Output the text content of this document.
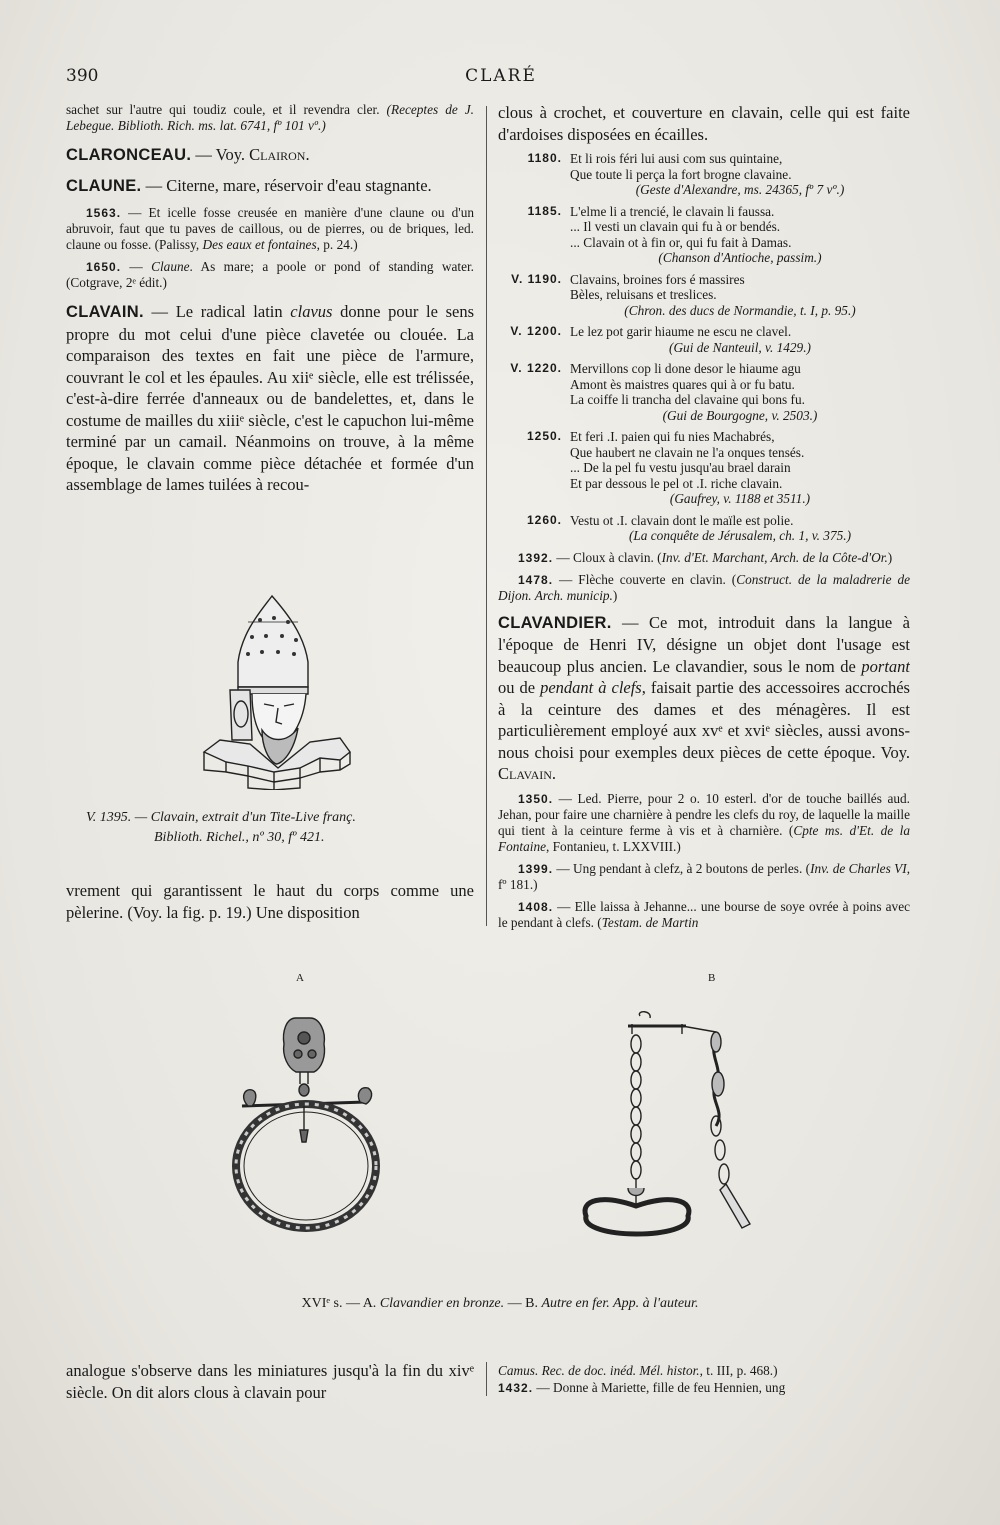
390	CLARÉ

sachet sur l'autre qui toudiz coule, et il revendra cler. (Receptes de J. Lebegue. Biblioth. Rich. ms. lat. 6741, fº 101 vº.)

CLARONCEAU. — Voy. Clairon.

CLAUNE. — Citerne, mare, réservoir d'eau stagnante.

1563. — Et icelle fosse creusée en manière d'une claune ou d'un abruvoir, faut que tu paves de caillous, ou de pierres, ou de briques, led. claune ou fosse. (Palissy, Des eaux et fontaines, p. 24.)

1650. — Claune. As mare; a poole or pond of standing water. (Cotgrave, 2ᵉ édit.)

CLAVAIN. — Le radical latin clavus donne pour le sens propre du mot celui d'une pièce clavetée ou clouée. La comparaison des textes en fait une pièce de l'armure, couvrant le col et les épaules. Au xiiᵉ siècle, elle est trélissée, c'est-à-dire ferrée d'anneaux ou de bandelettes, et, dans le costume de mailles du xiiiᵉ siècle, c'est le capuchon lui-même terminé par un camail. Néanmoins on trouve, à la même époque, le clavain comme pièce détachée et formée d'un assemblage de lames tuilées à recou-

V. 1395. — Clavain, extrait d'un Tite-Live franç.
Biblioth. Richel., nº 30, fº 421.
vrement qui garantissent le haut du corps comme une pèlerine. (Voy. la fig. p. 19.) Une disposition

clous à crochet, et couverture en clavain, celle qui est faite d'ardoises disposées en écailles.

1180. Et li rois féri lui ausi com sus quintaine,
Que toute li perça la fort brogne clavaine.
(Geste d'Alexandre, ms. 24365, fº 7 vº.)
1185. L'elme li a trencié, le clavain li faussa.
... Il vesti un clavain qui fu à or bendés.
... Clavain ot à fin or, qui fu fait à Damas.
(Chanson d'Antioche, passim.)
V. 1190. Clavains, broines fors é massires
Bèles, reluisans et treslices.
(Chron. des ducs de Normandie, t. I, p. 95.)
V. 1200. Le lez pot garir hiaume ne escu ne clavel.
(Gui de Nanteuil, v. 1429.)
V. 1220. Mervillons cop li done desor le hiaume agu
Amont ès maistres quares qui à or fu batu.
La coiffe li trancha del clavaine qui bons fu.
(Gui de Bourgogne, v. 2503.)
1250. Et feri .I. paien qui fu nies Machabrés,
Que haubert ne clavain ne l'a onques tensés.
... De la pel fu vestu jusqu'au brael darain
Et par dessous le pel ot .I. riche clavain.
(Gaufrey, v. 1188 et 3511.)
1260. Vestu ot .I. clavain dont le maïle est polie.
(La conquête de Jérusalem, ch. 1, v. 375.)

1392. — Cloux à clavin. (Inv. d'Et. Marchant, Arch. de la Côte-d'Or.)

1478. — Flèche couverte en clavin. (Construct. de la maladrerie de Dijon. Arch. municip.)

CLAVANDIER. — Ce mot, introduit dans la langue à l'époque de Henri IV, désigne un objet dont l'usage est beaucoup plus ancien. Le clavandier, sous le nom de portant ou de pendant à clefs, faisait partie des accessoires accrochés à la ceinture des dames et des ménagères. Il est particulièrement employé aux xvᵉ et xviᵉ siècles, aussi avons-nous choisi pour exemples deux pièces de cette époque. Voy. Clavain.

1350. — Led. Pierre, pour 2 o. 10 esterl. d'or de touche baillés aud. Jehan, pour faire une charnière à pendre les clefs du roy, de laquelle la maille qui tient à la ceinture ferme à vis et à charnière. (Cpte ms. d'Et. de la Fontaine, Fontanieu, t. LXXVIII.)

1399. — Ung pendant à clefz, à 2 boutons de perles. (Inv. de Charles VI, fº 181.)

1408. — Elle laissa à Jehanne... une bourse de soye ovrée à poins avec le pendant à clefs. (Testam. de Martin

A	B
XVIᵉ s. — A. Clavandier en bronze. — B. Autre en fer. App. à l'auteur.
analogue s'observe dans les miniatures jusqu'à la fin du xivᵉ siècle. On dit alors clous à clavain pour
Camus. Rec. de doc. inéd. Mél. histor., t. III, p. 468.)
1432. — Donne à Mariette, fille de feu Hennien, ung
